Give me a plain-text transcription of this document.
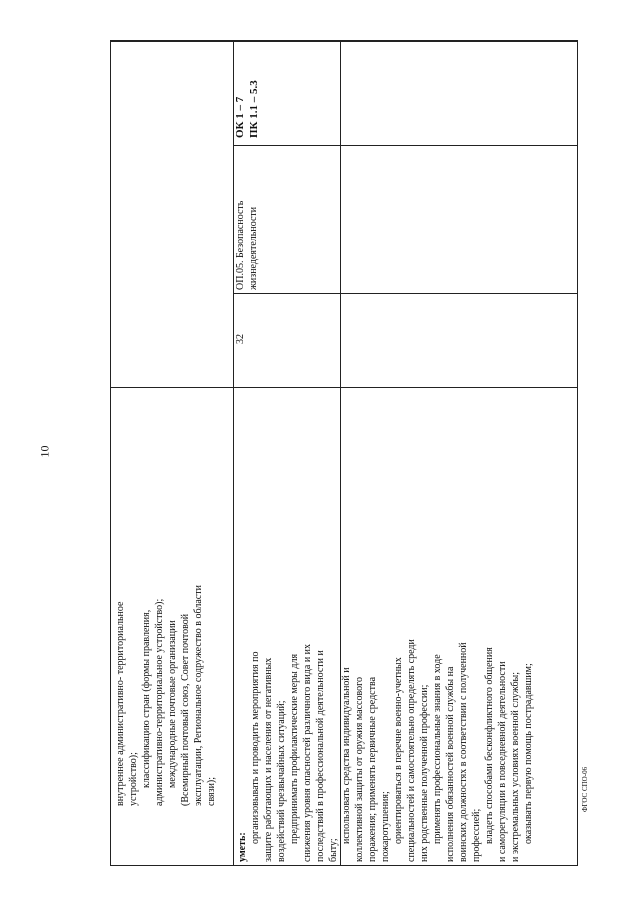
10
ФГОС СПО-06

внутреннее административно- территориальное устройство); классификацию стран (формы правления, административно-территориальное устройство); международные почтовые организации (Всемирный почтовый союз, Совет почтовой эксплуатации, Региональное содружество в области связи);

уметь:

организовывать и проводить мероприятия по защите работающих и населения от негативных воздействий чрезвычайных ситуаций; предпринимать профилактические меры для снижения уровня опасностей различного вида и их последствий в профессиональной деятельности и быту;

использовать средства индивидуальной и коллективной защиты от оружия массового поражения; применять первичные средства пожаротушения; ориентироваться в перечне военно-учетных специальностей и самостоятельно определять среди них родственные полученной профессии; применять профессиональные знания в ходе исполнения обязанностей военной службы на воинских должностях в соответствии с полученной профессией; владеть способами бесконфликтного общения и саморегуляции в повседневной деятельности и экстремальных условиях военной службы; оказывать первую помощь пострадавшим;

32

ОП.05. Безопасность жизнедеятельности

ОК 1 – 7 ПК 1.1 – 5.3
